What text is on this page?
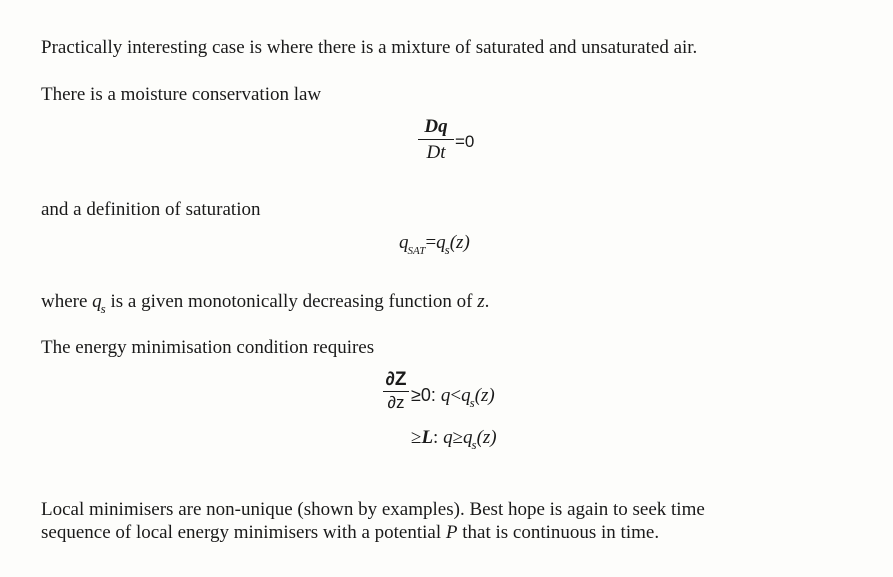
Practically interesting case is where there is a mixture of saturated and unsaturated air.
There is a moisture conservation law
Dq
Dt
=0
and a definition of saturation
$q_{SAT}=q_s(z)$
where $q_s$ is a given monotonically decreasing function of z.
The energy minimisation condition requires
∂Z
∂z ≥0: $q<q_s(z)$
≥L: $q\ge q_s(z)$
Local minimisers are non-unique (shown by examples). Best hope is again to seek time
sequence of local energy minimisers with a potential P that is continuous in time.
